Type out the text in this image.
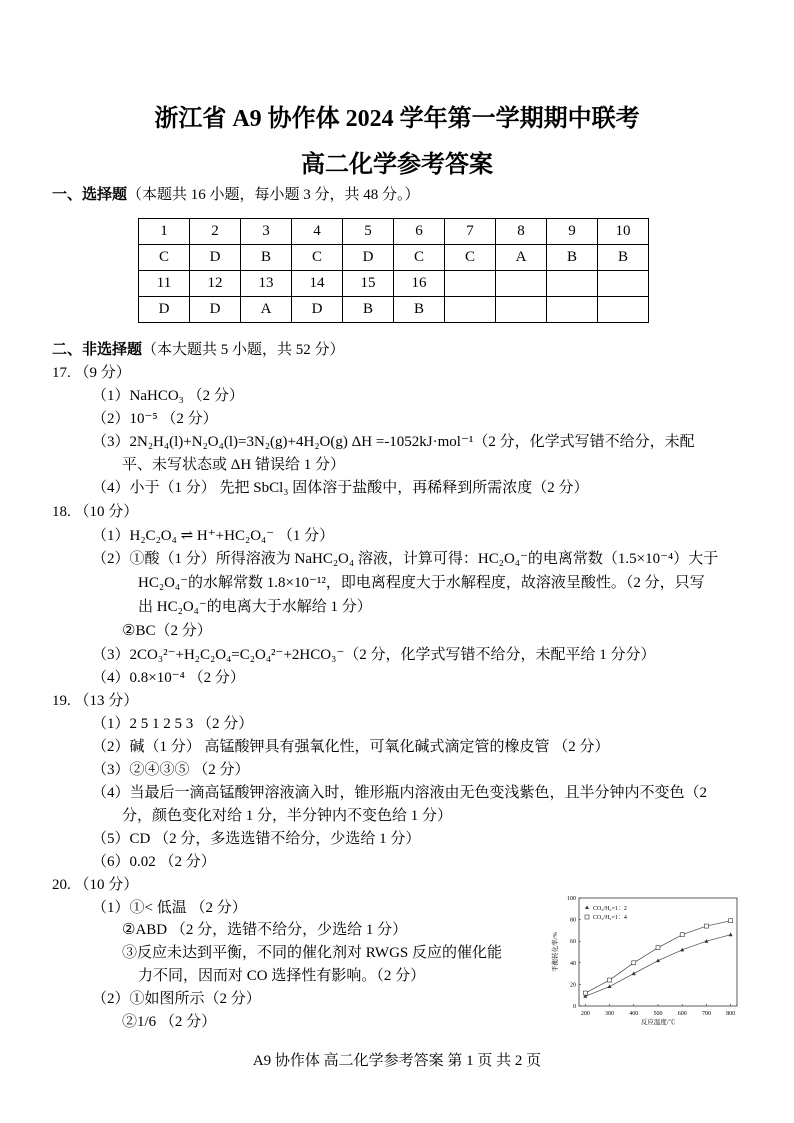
浙江省 A9 协作体 2024 学年第一学期期中联考
高二化学参考答案
一、选择题（本题共 16 小题，每小题 3 分，共 48 分。）
1	2	3	4	5	6	7	8	9	10
C	D	B	C	D	C	C	A	B	B
11	12	13	14	15	16				
D	D	A	D	B	B				
二、非选择题（本大题共 5 小题，共 52 分）
17. （9 分）
（1）NaHCO₃ （2 分）
（2）10⁻⁵ （2 分）
（3）2N₂H₄(l)+N₂O₄(l)=3N₂(g)+4H₂O(g) ΔH =-1052kJ·mol⁻¹（2 分，化学式写错不给分，未配
平、未写状态或 ΔH 错误给 1 分）
（4）小于（1 分） 先把 SbCl₃ 固体溶于盐酸中，再稀释到所需浓度（2 分）
18. （10 分）
（1）H₂C₂O₄ ⇌ H⁺+HC₂O₄⁻ （1 分）
（2）①酸（1 分）所得溶液为 NaHC₂O₄ 溶液，计算可得：HC₂O₄⁻的电离常数（1.5×10⁻⁴）大于
HC₂O₄⁻的水解常数 1.8×10⁻¹²，即电离程度大于水解程度，故溶液呈酸性。（2 分，只写
出 HC₂O₄⁻的电离大于水解给 1 分）
②BC（2 分）
（3）2CO₃²⁻+H₂C₂O₄=C₂O₄²⁻+2HCO₃⁻（2 分，化学式写错不给分，未配平给 1 分分）
（4）0.8×10⁻⁴ （2 分）
19. （13 分）
（1）2 5 1 2 5 3 （2 分）
（2）碱（1 分） 高锰酸钾具有强氧化性，可氧化碱式滴定管的橡皮管 （2 分）
（3）②④③⑤ （2 分）
（4）当最后一滴高锰酸钾溶液滴入时，锥形瓶内溶液由无色变浅紫色，且半分钟内不变色（2
分，颜色变化对给 1 分，半分钟内不变色给 1 分）
（5）CD （2 分，多选选错不给分，少选给 1 分）
（6）0.02 （2 分）
20. （10 分）
（1）①< 低温 （2 分）
②ABD （2 分，选错不给分，少选给 1 分）
③反应未达到平衡，不同的催化剂对 RWGS 反应的催化能
力不同，因而对 CO 选择性有影响。（2 分）
（2）①如图所示（2 分）
②1/6 （2 分）	200	300	400	500	600	700	800
0
20
40
60
80
100
反应温度/℃
平衡转化率/%
CO₂/H₂=1：2
CO₂/H₂=1：4
A9 协作体 高二化学参考答案 第 1 页 共 2 页
